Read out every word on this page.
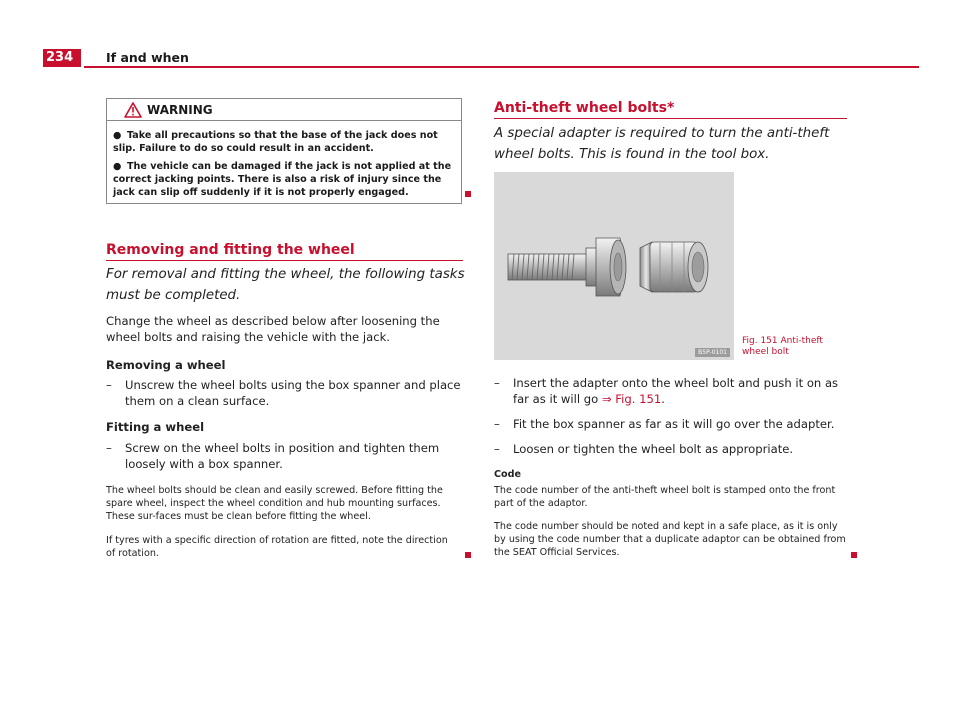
234	If and when
WARNING
● Take all precautions so that the base of the jack does not slip. Failure to do so could result in an accident.
● The vehicle can be damaged if the jack is not applied at the correct jacking points. There is also a risk of injury since the jack can slip off suddenly if it is not properly engaged.
Removing and fitting the wheel
For removal and fitting the wheel, the following tasks must be completed.
Change the wheel as described below after loosening the wheel bolts and raising the vehicle with the jack.
Removing a wheel
– Unscrew the wheel bolts using the box spanner and place them on a clean surface.
Fitting a wheel
– Screw on the wheel bolts in position and tighten them loosely with a box spanner.
The wheel bolts should be clean and easily screwed. Before fitting the spare wheel, inspect the wheel condition and hub mounting surfaces. These sur-faces must be clean before fitting the wheel.
If tyres with a specific direction of rotation are fitted, note the direction of rotation.
Anti-theft wheel bolts*
A special adapter is required to turn the anti-theft wheel bolts. This is found in the tool box.
B5P-0101
Fig. 151 Anti-theft wheel bolt
– Insert the adapter onto the wheel bolt and push it on as far as it will go ⇒ Fig. 151.
– Fit the box spanner as far as it will go over the adapter.
– Loosen or tighten the wheel bolt as appropriate.
Code
The code number of the anti-theft wheel bolt is stamped onto the front part of the adaptor.
The code number should be noted and kept in a safe place, as it is only by using the code number that a duplicate adaptor can be obtained from the SEAT Official Services.
